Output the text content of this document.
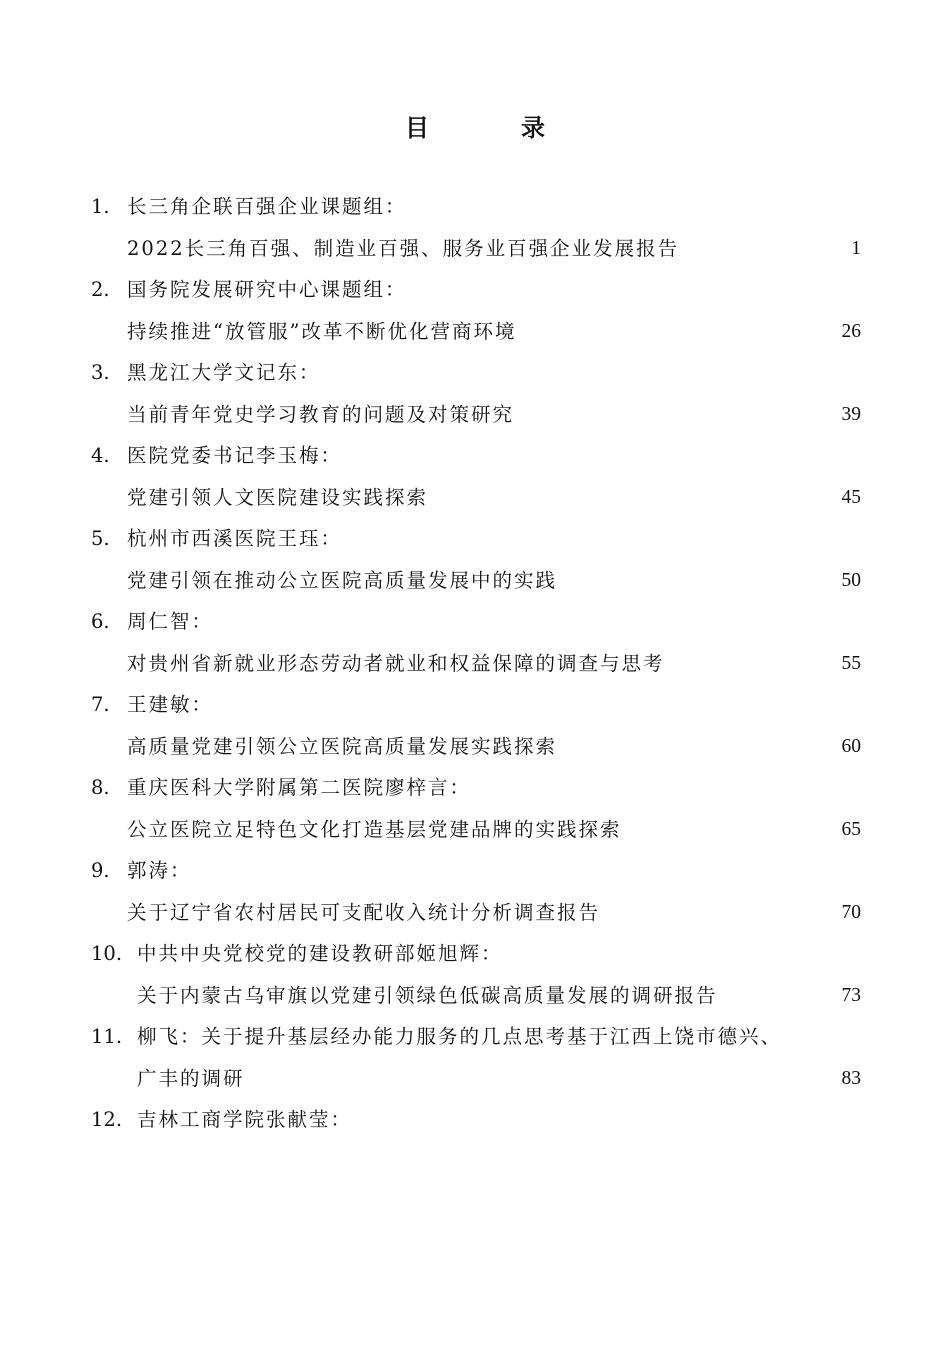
目　录
1. 长三角企联百强企业课题组：
2022长三角百强、制造业百强、服务业百强企业发展报告	1
2. 国务院发展研究中心课题组：
持续推进“放管服”改革不断优化营商环境	26
3. 黑龙江大学文记东：
当前青年党史学习教育的问题及对策研究	39
4. 医院党委书记李玉梅：
党建引领人文医院建设实践探索	45
5. 杭州市西溪医院王珏：
党建引领在推动公立医院高质量发展中的实践	50
6. 周仁智：
对贵州省新就业形态劳动者就业和权益保障的调查与思考	55
7. 王建敏：
高质量党建引领公立医院高质量发展实践探索	60
8. 重庆医科大学附属第二医院廖梓言：
公立医院立足特色文化打造基层党建品牌的实践探索	65
9. 郭涛：
关于辽宁省农村居民可支配收入统计分析调查报告	70
10. 中共中央党校党的建设教研部姬旭辉：
关于内蒙古乌审旗以党建引领绿色低碳高质量发展的调研报告	73
11. 柳飞：关于提升基层经办能力服务的几点思考基于江西上饶市德兴、
广丰的调研	83
12. 吉林工商学院张献莹：
